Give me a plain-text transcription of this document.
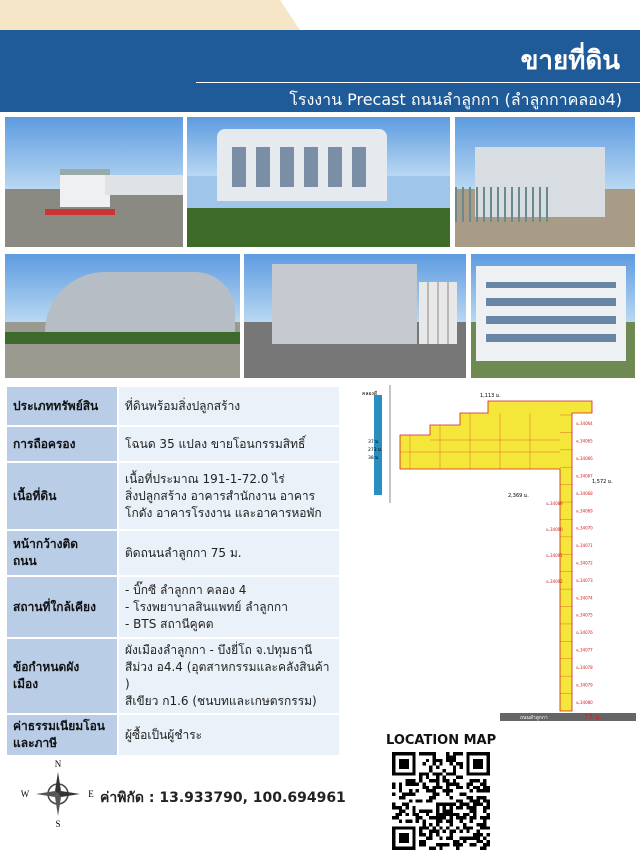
ขายที่ดิน
โรงงาน Precast ถนนลำลูกกา (ลำลูกกาคลอง4)
ประเภททรัพย์สิน	ที่ดินพร้อมสิ่งปลูกสร้าง
การถือครอง	โฉนด 35 แปลง ขายโอนกรรมสิทธิ์
เนื้อที่ดิน	เนื้อที่ประมาณ 191-1-72.0 ไร่
สิ่งปลูกสร้าง อาคารสำนักงาน อาคาร
โกดัง อาคารโรงงาน และอาคารหอพัก
หน้ากว้างติด
ถนน	ติดถนนลำลูกกา 75 ม.
สถานที่ใกล้เคียง	- บิ๊กซี ลำลูกกา คลอง 4
- โรงพยาบาลสินแพทย์ ลำลูกกา
- BTS สถานีคูคต
ข้อกำหนดผัง
เมือง	ผังเมืองลำลูกกา - บึงยี่โถ จ.ปทุมธานี
สีม่วง อ4.4 (อุตสาหกรรมและคลังสินค้า )
สีเขียว ก1.6 (ชนบทและเกษตรกรรม)
ค่าธรรมเนียมโอน
และภาษี	ผู้ซื้อเป็นผู้ชำระ
N
S
W	E ค่าพิกัด : 13.933790, 100.694961
คลองดี	1,113 ม.
2,369 ม.
1,572 ม.
37 ม.
273 ม.
38 ม.
ฉ.34064
ฉ.34065
ฉ.34066
ฉ.34067
ฉ.34068
ฉ.34069
ฉ.34070
ฉ.34071
ฉ.34072
ฉ.34073
ฉ.34074
ฉ.34075
ฉ.34076
ฉ.34077
ฉ.34078
ฉ.34079
ฉ.34080
ฉ.34089
ฉ.34090
ฉ.34091
ฉ.34092
ถนนลำลูกกา	75 ม.
LOCATION MAP
